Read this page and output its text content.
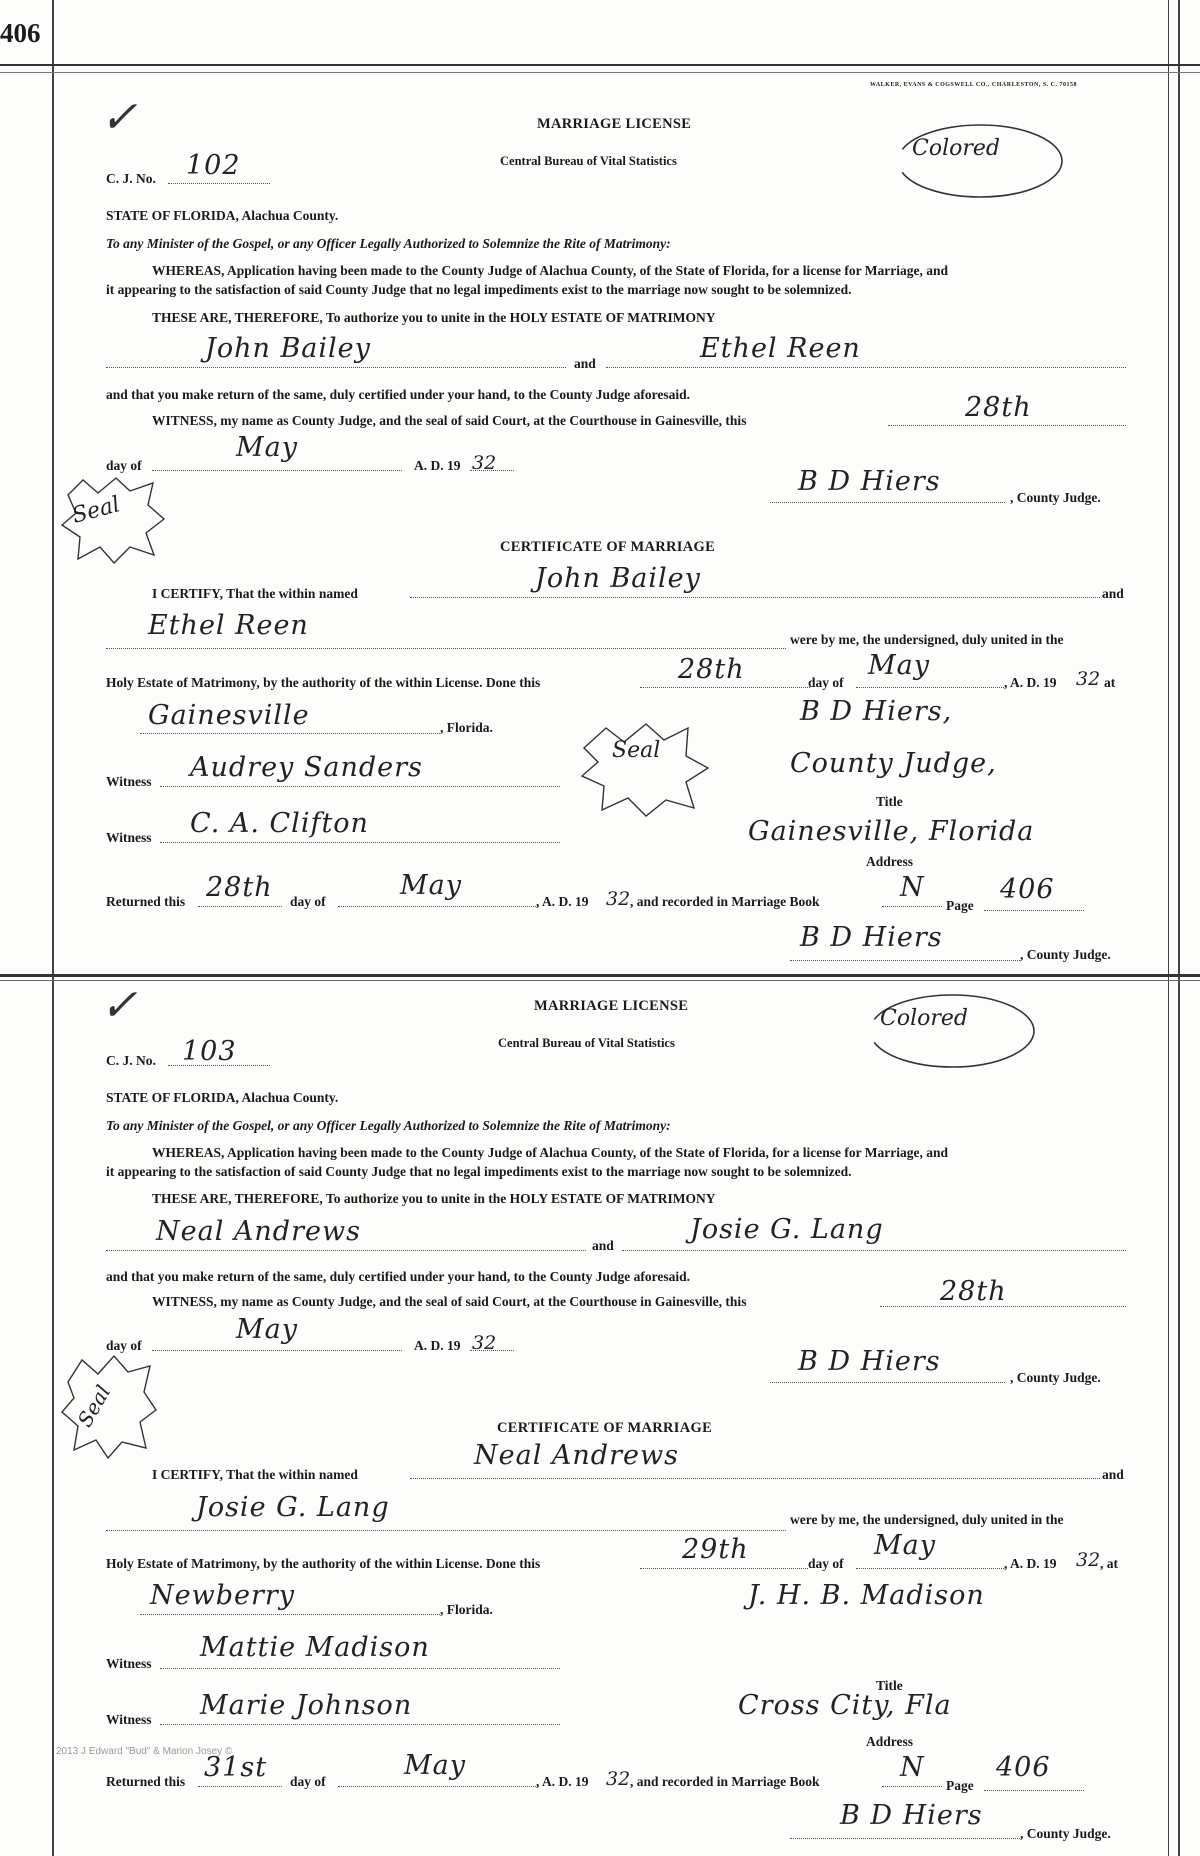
406
WALKER, EVANS & COGSWELL CO., CHARLESTON, S. C. 70158
✓	MARRIAGE LICENSE
Central Bureau of Vital Statistics	Colored
C. J. No. 102
STATE OF FLORIDA, Alachua County.
To any Minister of the Gospel, or any Officer Legally Authorized to Solemnize the Rite of Matrimony:
WHEREAS, Application having been made to the County Judge of Alachua County, of the State of Florida, for a license for Marriage, and
it appearing to the satisfaction of said County Judge that no legal impediments exist to the marriage now sought to be solemnized.
THESE ARE, THEREFORE, To authorize you to unite in the HOLY ESTATE OF MATRIMONY
John Bailey	and	Ethel Reen
and that you make return of the same, duly certified under your hand, to the County Judge aforesaid.
WITNESS, my name as County Judge, and the seal of said Court, at the Courthouse in Gainesville, this	28th
day of
May
A. D. 19 32
Seal
B D Hiers
, County Judge.
CERTIFICATE OF MARRIAGE
I CERTIFY, That the within named	John Bailey	and
Ethel Reen	were by me, the undersigned, duly united in the
Holy Estate of Matrimony, by the authority of the within License. Done this	28th	day of
May
, A. D. 19 32 at
Gainesville	, Florida.
B D Hiers,
Witness Audrey Sanders
Seal	County Judge,
Title
Witness C. A. Clifton	Gainesville, Florida
Address
Returned this 28th day of
May
, A. D. 19 32 , and recorded in Marriage Book	N
Page
406
B D Hiers
, County Judge.
✓	MARRIAGE LICENSE
Central Bureau of Vital Statistics
Colored
C. J. No. 103
STATE OF FLORIDA, Alachua County.
To any Minister of the Gospel, or any Officer Legally Authorized to Solemnize the Rite of Matrimony:
WHEREAS, Application having been made to the County Judge of Alachua County, of the State of Florida, for a license for Marriage, and
it appearing to the satisfaction of said County Judge that no legal impediments exist to the marriage now sought to be solemnized.
THESE ARE, THEREFORE, To authorize you to unite in the HOLY ESTATE OF MATRIMONY
Neal Andrews	and
Josie G. Lang
and that you make return of the same, duly certified under your hand, to the County Judge aforesaid.
WITNESS, my name as County Judge, and the seal of said Court, at the Courthouse in Gainesville, this	28th
day of
May
A. D. 19 32
Seal
B D Hiers
, County Judge.
CERTIFICATE OF MARRIAGE
I CERTIFY, That the within named
Neal Andrews
and
Josie G. Lang	were by me, the undersigned, duly united in the
Holy Estate of Matrimony, by the authority of the within License. Done this	29th	day of
May
, A. D. 19 32 , at
Newberry	, Florida.	J. H. B. Madison
Witness
Mattie Madison
Title
Witness Marie Johnson	Cross City, Fla
Address
2013 J Edward "Bud" & Marion Josey ©
Returned this 31st day of
May
, A. D. 19 32 , and recorded in Marriage Book	N
Page
406
B D Hiers
, County Judge.
